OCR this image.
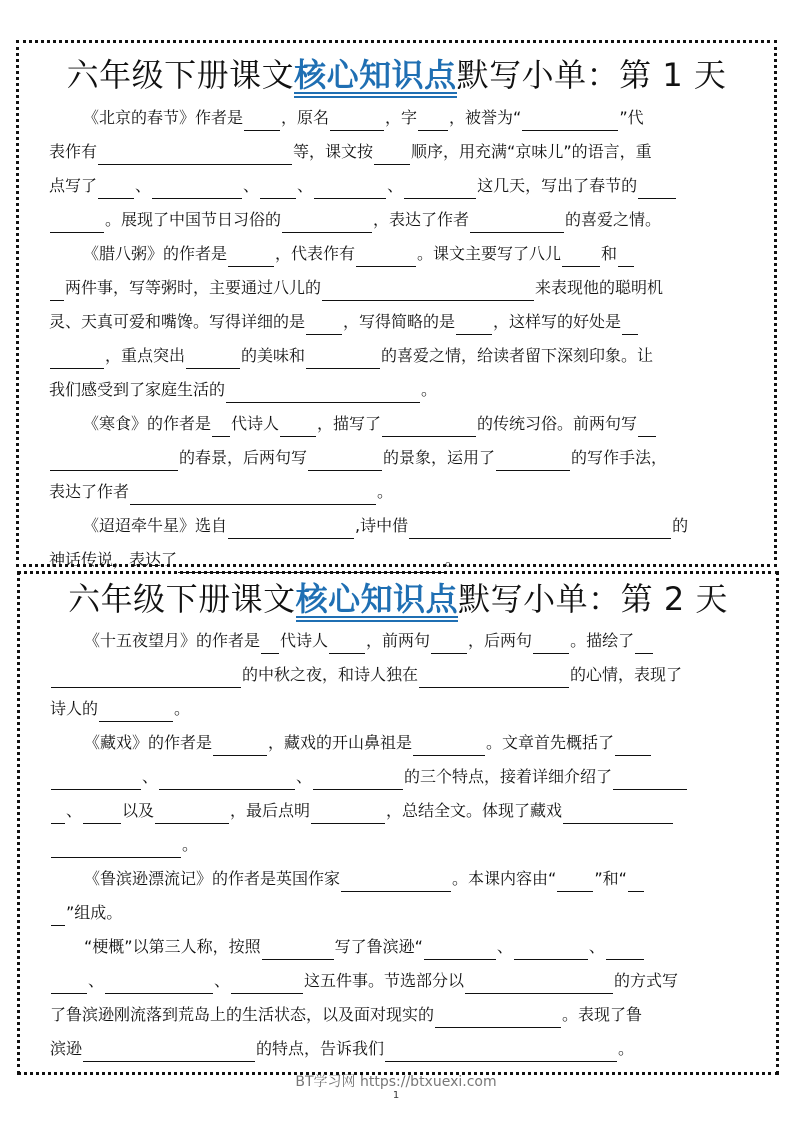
六年级下册课文核心知识点默写小单：第 1 天
《北京的春节》作者是 ，原名	，字 ，被誉为“	”代
表作有	等，课文按 顺序，用充满“京味儿”的语言，重
点写了 、	、 、	、	这几天，写出了春节的
。展现了中国节日习俗的	，表达了作者	的喜爱之情。
《腊八粥》的作者是	，代表作有	。课文主要写了八儿	和
两件事，写等粥时，主要通过八儿的	来表现他的聪明机
灵、天真可爱和嘴馋。写得详细的是 ，写得简略的是 ，这样写的好处是
，重点突出	的美味和	的喜爱之情，给读者留下深刻印象。让
我们感受到了家庭生活的	。
《寒食》的作者是 代诗人 ，描写了	的传统习俗。前两句写
的春景，后两句写	的景象，运用了	的写作手法，
表达了作者	。
《迢迢牵牛星》选自	,诗中借	的
神话传说，表达了	。
六年级下册课文核心知识点默写小单：第 2 天
《十五夜望月》的作者是 代诗人 ，前两句 ，后两句 。描绘了
的中秋之夜，和诗人独在	的心情，表现了
诗人的	。
《藏戏》的作者是	，藏戏的开山鼻祖是	。文章首先概括了
、	、	的三个特点，接着详细介绍了
、	以及	，最后点明	，总结全文。体现了藏戏
。
《鲁滨逊漂流记》的作者是英国作家	。本课内容由“ ”和“
”组成。
“梗概”以第三人称，按照	写了鲁滨逊“	、	、
、	、	这五件事。节选部分以	的方式写
了鲁滨逊刚流落到荒岛上的生活状态，以及面对现实的	。表现了鲁
滨逊	的特点，告诉我们	。
BT学习网 https://btxuexi.com
1
